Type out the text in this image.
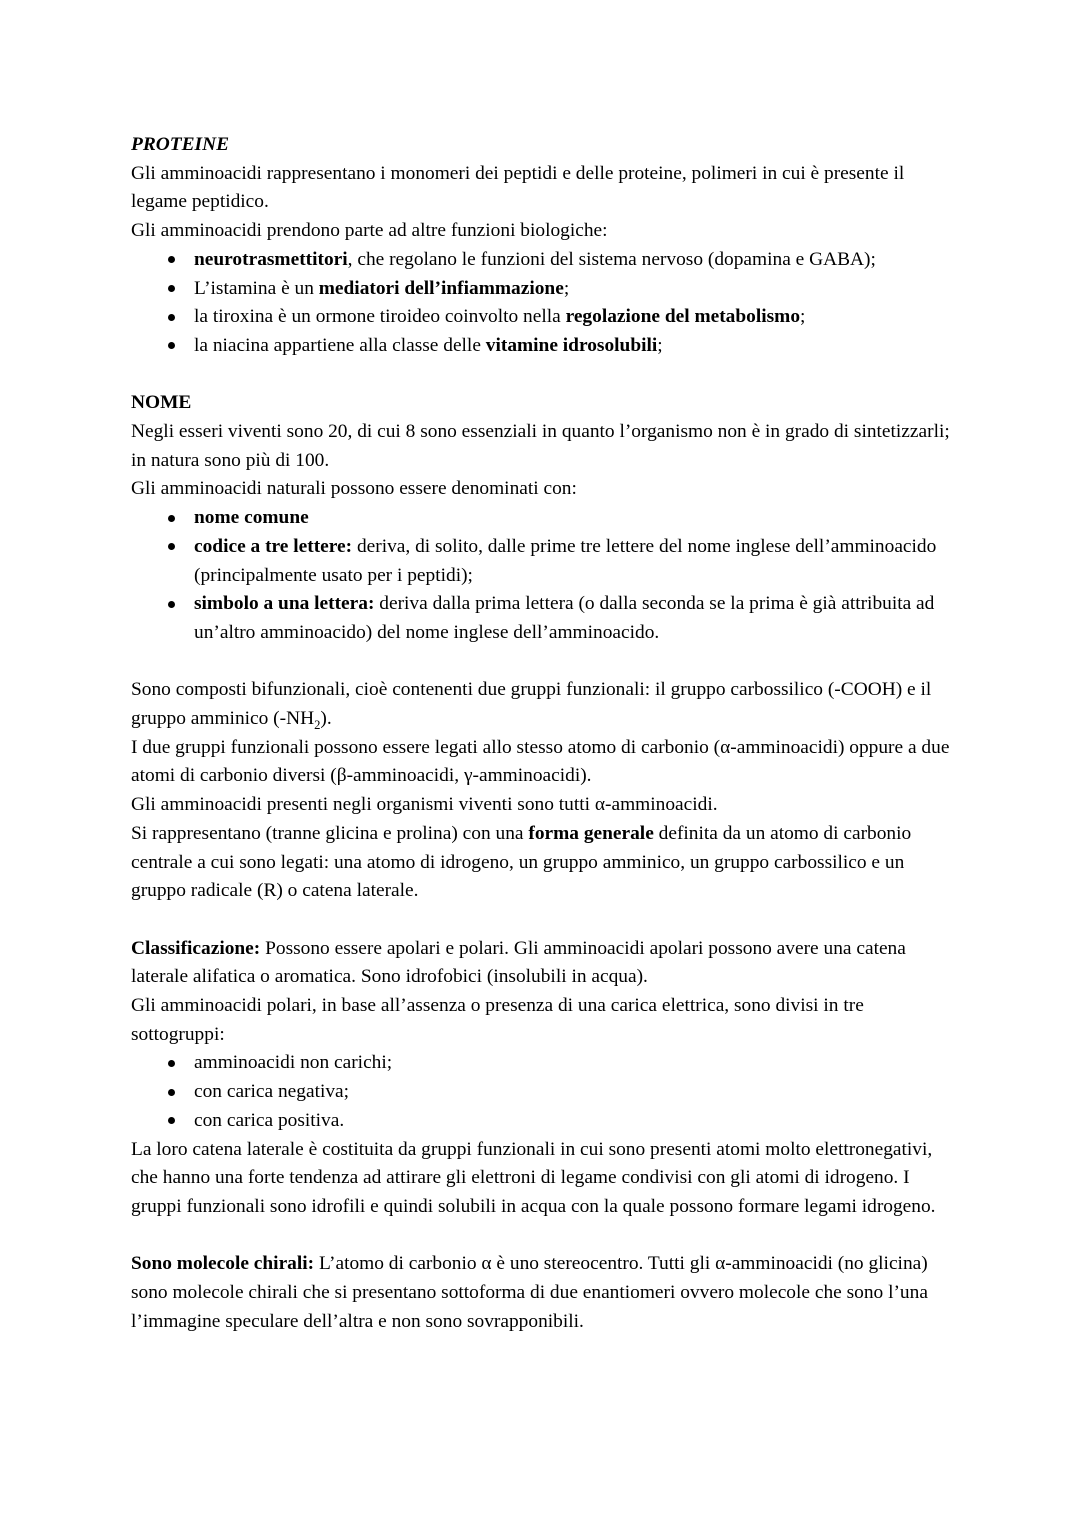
PROTEINE

Gli amminoacidi rappresentano i monomeri dei peptidi e delle proteine, polimeri in cui è presente il legame peptidico.

Gli amminoacidi prendono parte ad altre funzioni biologiche:

neurotrasmettitori, che regolano le funzioni del sistema nervoso (dopamina e GABA);
L’istamina è un mediatori dell’infiammazione;
la tiroxina è un ormone tiroideo coinvolto nella regolazione del metabolismo;
la niacina appartiene alla classe delle vitamine idrosolubili;
NOME

Negli esseri viventi sono 20, di cui 8 sono essenziali in quanto l’organismo non è in grado di sintetizzarli; in natura sono più di 100.

Gli amminoacidi naturali possono essere denominati con:

nome comune
codice a tre lettere: deriva, di solito, dalle prime tre lettere del nome inglese dell’amminoacido (principalmente usato per i peptidi);
simbolo a una lettera: deriva dalla prima lettera (o dalla seconda se la prima è già attribuita ad un’altro amminoacido) del nome inglese dell’amminoacido.

Sono composti bifunzionali, cioè contenenti due gruppi funzionali: il gruppo carbossilico (-COOH) e il gruppo amminico $(-NH_2)$.

I due gruppi funzionali possono essere legati allo stesso atomo di carbonio (α-amminoacidi) oppure a due atomi di carbonio diversi (β-amminoacidi, γ-amminoacidi).

Gli amminoacidi presenti negli organismi viventi sono tutti α-amminoacidi.

Si rappresentano (tranne glicina e prolina) con una forma generale definita da un atomo di carbonio centrale a cui sono legati: una atomo di idrogeno, un gruppo amminico, un gruppo carbossilico e un gruppo radicale (R) o catena laterale.

Classificazione: Possono essere apolari e polari. Gli amminoacidi apolari possono avere una catena laterale alifatica o aromatica. Sono idrofobici (insolubili in acqua).

Gli amminoacidi polari, in base all’assenza o presenza di una carica elettrica, sono divisi in tre sottogruppi:

amminoacidi non carichi;
con carica negativa;
con carica positiva.

La loro catena laterale è costituita da gruppi funzionali in cui sono presenti atomi molto elettronegativi, che hanno una forte tendenza ad attirare gli elettroni di legame condivisi con gli atomi di idrogeno. I gruppi funzionali sono idrofili e quindi solubili in acqua con la quale possono formare legami idrogeno.

Sono molecole chirali: L’atomo di carbonio α è uno stereocentro. Tutti gli α-amminoacidi (no glicina) sono molecole chirali che si presentano sottoforma di due enantiomeri ovvero molecole che sono l’una l’immagine speculare dell’altra e non sono sovrapponibili.
